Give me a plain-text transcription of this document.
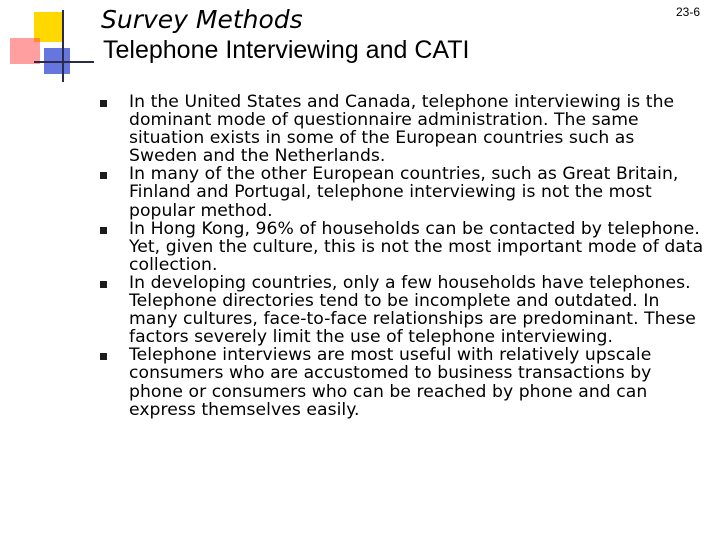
Survey Methods	23-6
Telephone Interviewing and CATI
In the United States and Canada, telephone interviewing is the dominant mode of questionnaire administration. The same situation exists in some of the European countries such as Sweden and the Netherlands.
In many of the other European countries, such as Great Britain, Finland and Portugal, telephone interviewing is not the most popular method.
In Hong Kong, 96% of households can be contacted by telephone. Yet, given the culture, this is not the most important mode of data collection.
In developing countries, only a few households have telephones. Telephone directories tend to be incomplete and outdated. In many cultures, face-to-face relationships are predominant. These factors severely limit the use of telephone interviewing.
Telephone interviews are most useful with relatively upscale consumers who are accustomed to business transactions by phone or consumers who can be reached by phone and can express themselves easily.
